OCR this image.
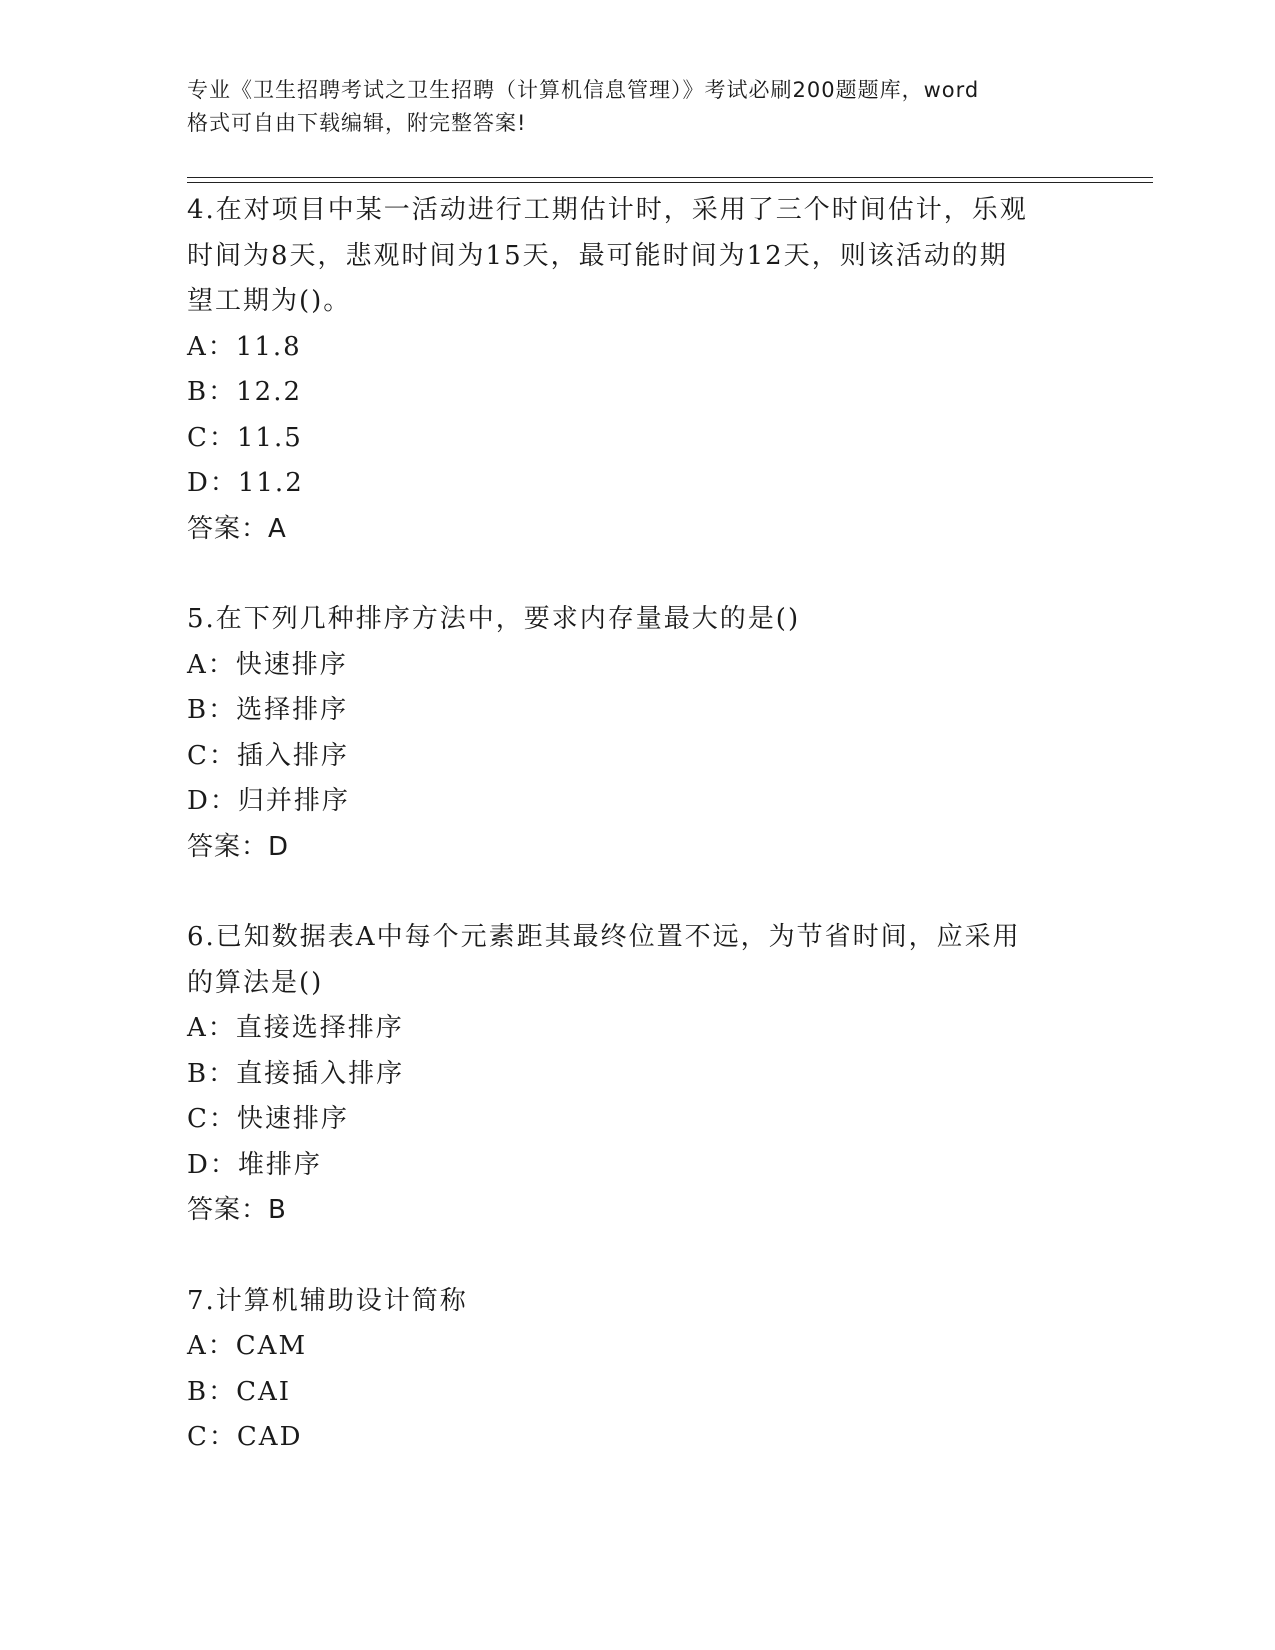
专业《卫生招聘考试之卫生招聘（计算机信息管理）》考试必刷200题题库，word
格式可自由下载编辑，附完整答案!

4.在对项目中某一活动进行工期估计时，采用了三个时间估计，乐观

时间为8天，悲观时间为15天，最可能时间为12天，则该活动的期

望工期为()。

A：11.8

B：12.2

C：11.5

D：11.2

答案：A

5.在下列几种排序方法中，要求内存量最大的是()

A：快速排序

B：选择排序

C：插入排序

D：归并排序

答案：D

6.已知数据表A中每个元素距其最终位置不远，为节省时间，应采用

的算法是()

A：直接选择排序

B：直接插入排序

C：快速排序

D：堆排序

答案：B

7.计算机辅助设计简称

A：CAM

B：CAI

C：CAD
